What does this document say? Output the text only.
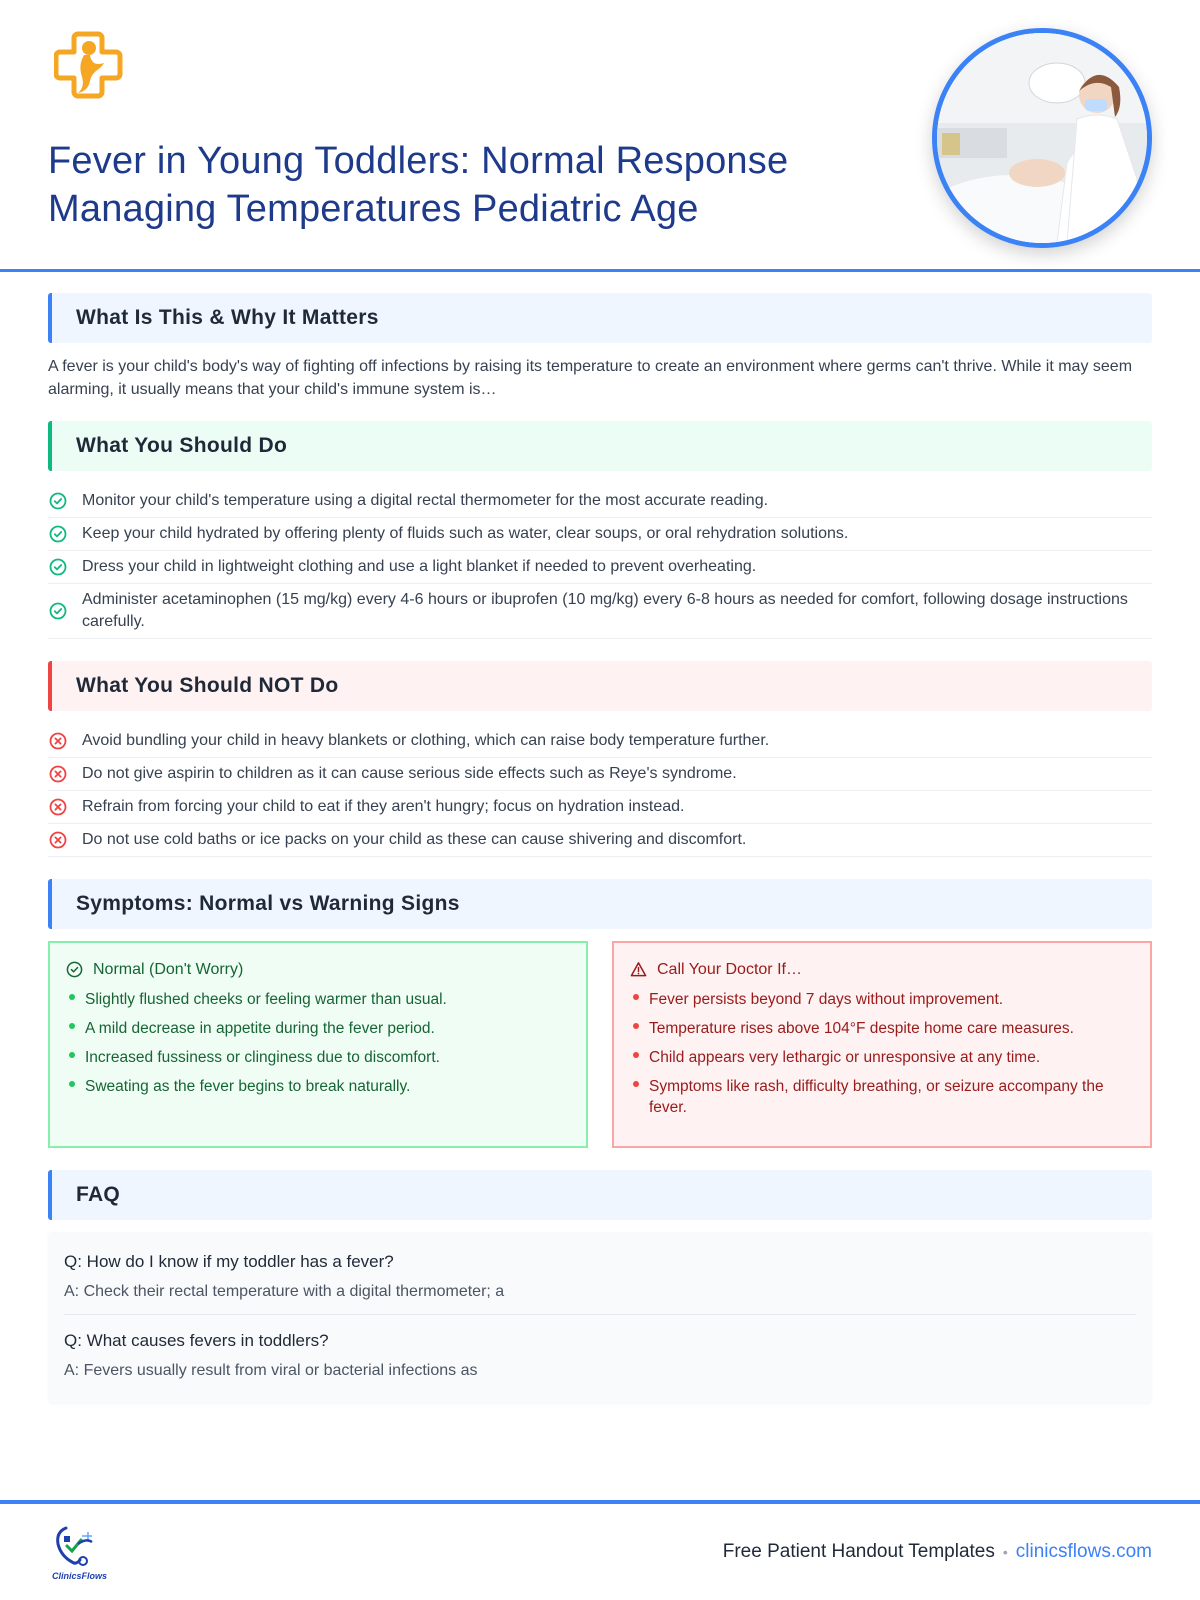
Fever in Young Toddlers: Normal Response
Managing Temperatures Pediatric Age
What Is This & Why It Matters

A fever is your child's body's way of fighting off infections by raising its temperature to create an environment where germs can't thrive. While it may seem alarming, it usually means that your child's immune system is…

What You Should Do
Monitor your child's temperature using a digital rectal thermometer for the most accurate reading.
Keep your child hydrated by offering plenty of fluids such as water, clear soups, or oral rehydration solutions.
Dress your child in lightweight clothing and use a light blanket if needed to prevent overheating.
Administer acetaminophen (15 mg/kg) every 4-6 hours or ibuprofen (10 mg/kg) every 6-8 hours as needed for comfort, following dosage instructions carefully.
What You Should NOT Do
Avoid bundling your child in heavy blankets or clothing, which can raise body temperature further.
Do not give aspirin to children as it can cause serious side effects such as Reye's syndrome.
Refrain from forcing your child to eat if they aren't hungry; focus on hydration instead.
Do not use cold baths or ice packs on your child as these can cause shivering and discomfort.
Symptoms: Normal vs Warning Signs
Normal (Don't Worry)
Slightly flushed cheeks or feeling warmer than usual.
A mild decrease in appetite during the fever period.
Increased fussiness or clinginess due to discomfort.
Sweating as the fever begins to break naturally.
Call Your Doctor If…
Fever persists beyond 7 days without improvement.
Temperature rises above 104°F despite home care measures.
Child appears very lethargic or unresponsive at any time.
Symptoms like rash, difficulty breathing, or seizure accompany the fever.
FAQ
Q: How do I know if my toddler has a fever?
A: Check their rectal temperature with a digital thermometer; a
Q: What causes fevers in toddlers?
A: Fevers usually result from viral or bacterial infections as
ClinicsFlows
Free Patient Handout Templates • clinicsflows.com
